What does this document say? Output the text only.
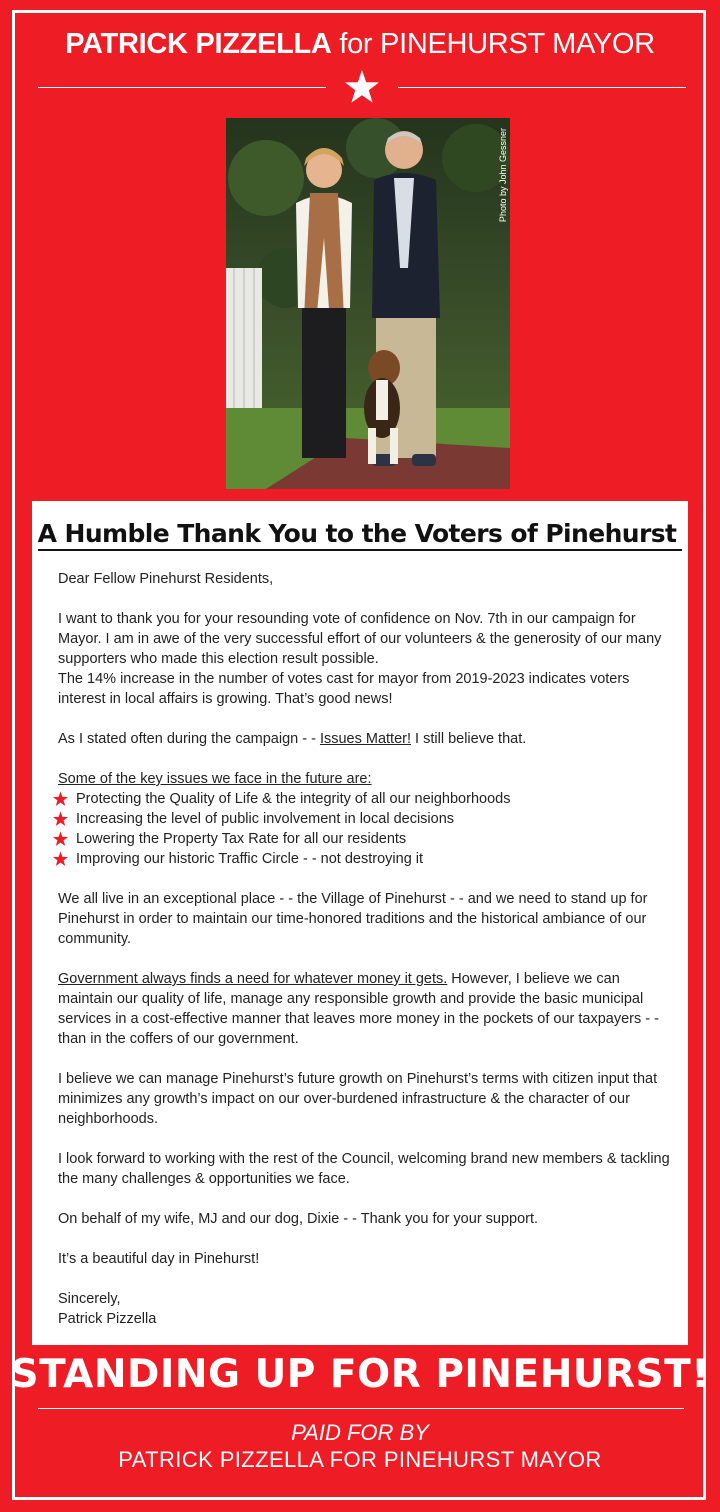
PATRICK PIZZELLA for PINEHURST MAYOR
Photo by John Gessner
A Humble Thank You to the Voters of Pinehurst

Dear Fellow Pinehurst Residents,

I want to thank you for your resounding vote of confidence on Nov. 7th in our campaign for Mayor. I am in awe of the very successful effort of our volunteers & the generosity of our many supporters who made this election result possible.
The 14% increase in the number of votes cast for mayor from 2019-2023 indicates voters interest in local affairs is growing. That’s good news!

As I stated often during the campaign - - Issues Matter! I still believe that.

Some of the key issues we face in the future are:
Protecting the Quality of Life & the integrity of all our neighborhoods
Increasing the level of public involvement in local decisions
Lowering the Property Tax Rate for all our residents
Improving our historic Traffic Circle - - not destroying it

We all live in an exceptional place - - the Village of Pinehurst - - and we need to stand up for Pinehurst in order to maintain our time-honored traditions and the historical ambiance of our community.

Government always finds a need for whatever money it gets. However, I believe we can maintain our quality of life, manage any responsible growth and provide the basic municipal services in a cost-effective manner that leaves more money in the pockets of our taxpayers - - than in the coffers of our government.

I believe we can manage Pinehurst’s future growth on Pinehurst’s terms with citizen input that minimizes any growth’s impact on our over-burdened infrastructure & the character of our neighborhoods.

I look forward to working with the rest of the Council, welcoming brand new members & tackling the many challenges & opportunities we face.

On behalf of my wife, MJ and our dog, Dixie - - Thank you for your support.

It’s a beautiful day in Pinehurst!

Sincerely,
Patrick Pizzella

STANDING UP FOR PINEHURST!
PAID FOR BY
PATRICK PIZZELLA FOR PINEHURST MAYOR
